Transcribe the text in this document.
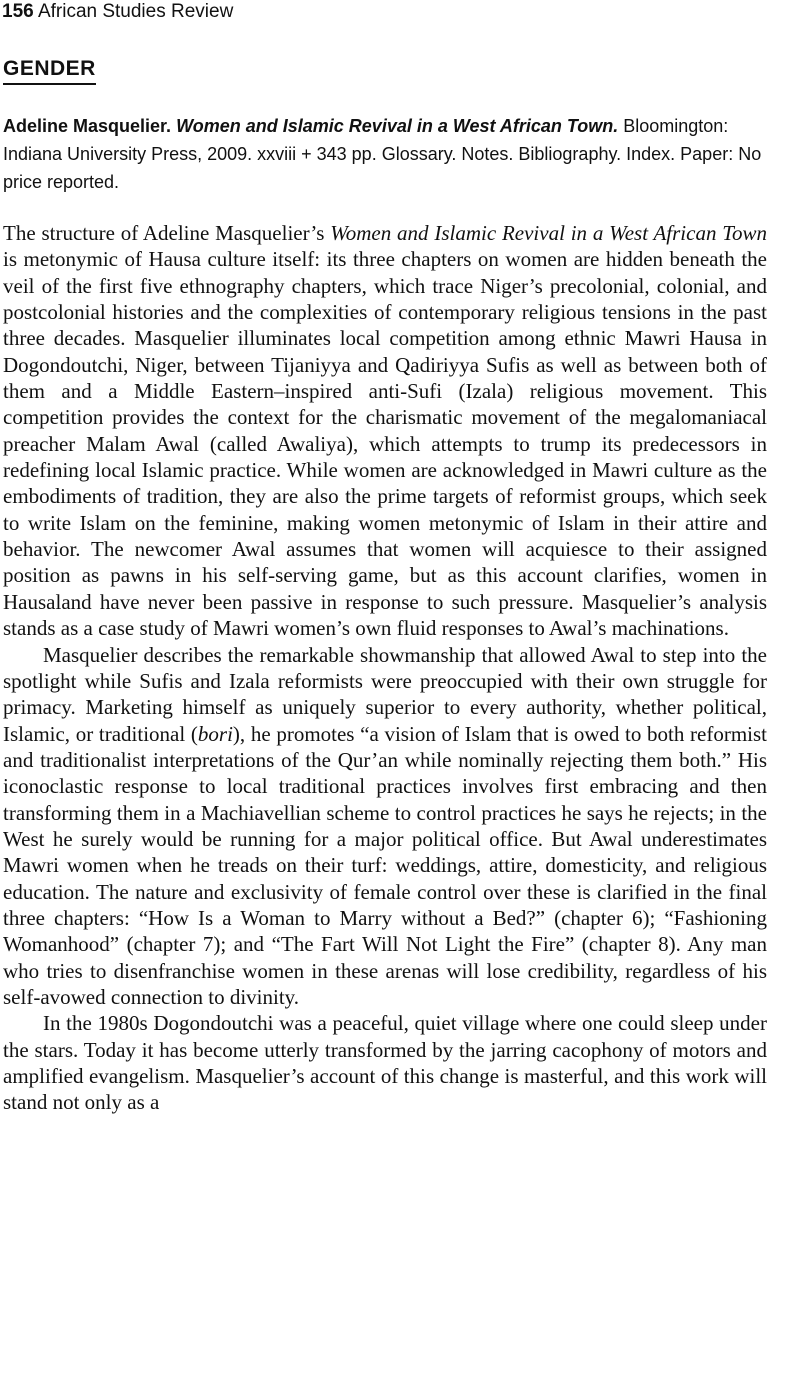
156 African Studies Review
GENDER
Adeline Masquelier. Women and Islamic Revival in a West African Town. Bloomington: Indiana University Press, 2009. xxviii + 343 pp. Glossary. Notes. Bibliography. Index. Paper: No price reported.

The structure of Adeline Masquelier’s Women and Islamic Revival in a West African Town is metonymic of Hausa culture itself: its three chapters on women are hidden beneath the veil of the first five ethnography chapters, which trace Niger’s precolonial, colonial, and postcolonial histories and the complexities of contemporary religious tensions in the past three decades. Masquelier illuminates local competition among ethnic Mawri Hausa in Dogondoutchi, Niger, between Tijaniyya and Qadiriyya Sufis as well as between both of them and a Middle Eastern–inspired anti-Sufi (Izala) religious movement. This competition provides the context for the charismatic movement of the megalomaniacal preacher Malam Awal (called Awaliya), which attempts to trump its predecessors in redefining local Islamic practice. While women are acknowledged in Mawri culture as the embodiments of tradition, they are also the prime targets of reformist groups, which seek to write Islam on the feminine, making women metonymic of Islam in their attire and behavior. The newcomer Awal assumes that women will acquiesce to their assigned position as pawns in his self-serving game, but as this account clarifies, women in Hausaland have never been passive in response to such pressure. Masquelier’s analysis stands as a case study of Mawri women’s own fluid responses to Awal’s machinations.

Masquelier describes the remarkable showmanship that allowed Awal to step into the spotlight while Sufis and Izala reformists were preoccupied with their own struggle for primacy. Marketing himself as uniquely superior to every authority, whether political, Islamic, or traditional (bori), he promotes “a vision of Islam that is owed to both reformist and traditionalist interpretations of the Qur’an while nominally rejecting them both.” His iconoclastic response to local traditional practices involves first embracing and then transforming them in a Machiavellian scheme to control practices he says he rejects; in the West he surely would be running for a major political office. But Awal underestimates Mawri women when he treads on their turf: weddings, attire, domesticity, and religious education. The nature and exclusivity of female control over these is clarified in the final three chapters: “How Is a Woman to Marry without a Bed?” (chapter 6); “Fashioning Womanhood” (chapter 7); and “The Fart Will Not Light the Fire” (chapter 8). Any man who tries to disenfranchise women in these arenas will lose credibility, regardless of his self-avowed connection to divinity.

In the 1980s Dogondoutchi was a peaceful, quiet village where one could sleep under the stars. Today it has become utterly transformed by the jarring cacophony of motors and amplified evangelism. Masquelier’s account of this change is masterful, and this work will stand not only as a
